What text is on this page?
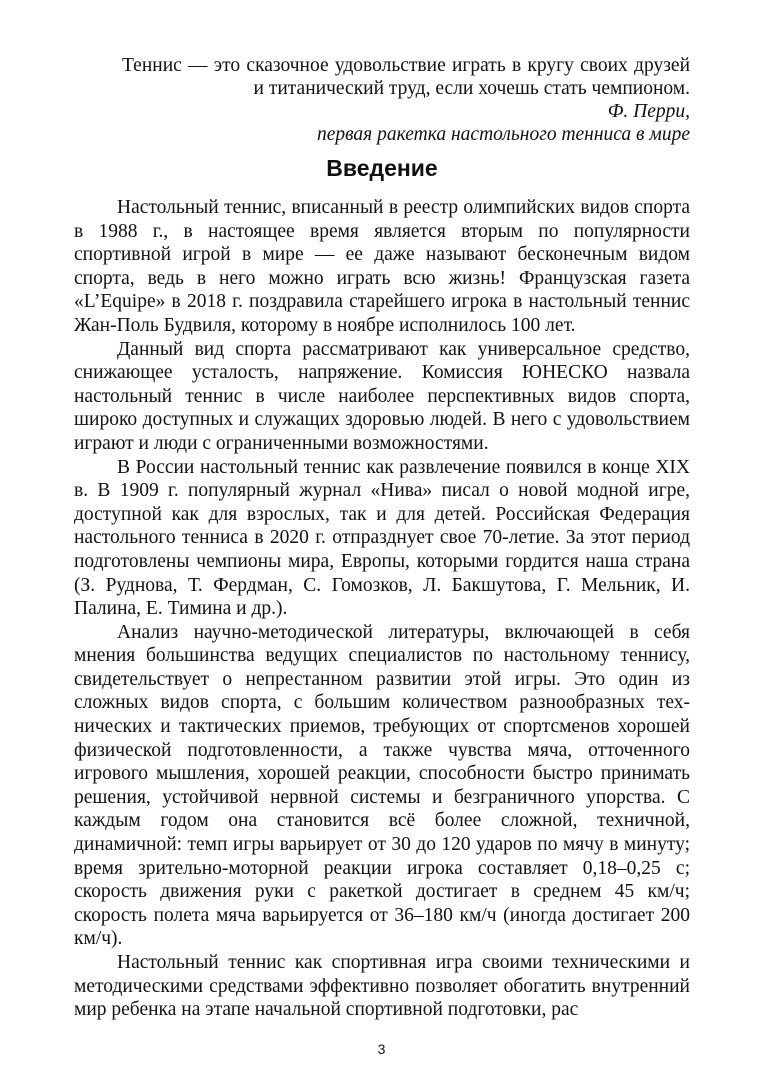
Теннис — это сказочное удовольствие играть в кругу своих друзей и титанический труд, если хочешь стать чемпионом.
Ф. Перри,
первая ракетка настольного тенниса в мире
Введение

Настольный теннис, вписанный в реестр олимпийских видов спорта в 1988 г., в настоящее время является вторым по популярности спортивной игрой в мире — ее даже называют бесконечным видом спорта, ведь в него можно играть всю жизнь! Французская газета «L’Equipe» в 2018 г. поздравила старейшего игрока в настольный теннис Жан-Поль Будвиля, которому в ноябре исполнилось 100 лет.

Данный вид спорта рассматривают как универсальное средство, снижающее усталость, напряжение. Комиссия ЮНЕСКО назвала настольный теннис в числе наиболее перспективных видов спорта, широко доступных и служащих здоровью людей. В него с удовольствием играют и люди с ограниченными возможностями.

В России настольный теннис как развлечение появился в конце XIX в. В 1909 г. популярный журнал «Нива» писал о новой модной игре, доступной как для взрослых, так и для детей. Российская Федерация настольного тенниса в 2020 г. отпразднует свое 70-летие. За этот период подготовлены чемпионы мира, Европы, которыми гордится наша страна (З. Руднова, Т. Фердман, С. Гомозков, Л. Бакшутова, Г. Мельник, И. Палина, Е. Тимина и др.).

Анализ научно-методической литературы, включающей в себя мнения большинства ведущих специалистов по настольному теннису, свидетельствует о непрестанном развитии этой игры. Это один из сложных видов спорта, с большим количеством разнообразных технических и тактических приемов, требующих от спортсменов хорошей физической подготовленности, а также чувства мяча, отточенного игрового мышления, хорошей реакции, способности быстро принимать решения, устойчивой нервной системы и безграничного упорства. С каждым годом она становится всё более сложной, техничной, динамичной: темп игры варьирует от 30 до 120 ударов по мячу в минуту; время зрительно-моторной реакции игрока составляет 0,18–0,25 с; скорость движения руки с ракеткой достигает в среднем 45 км/ч; скорость полета мяча варьируется от 36–180 км/ч (иногда достигает 200 км/ч).

Настольный теннис как спортивная игра своими техническими и методическими средствами эффективно позволяет обогатить внутренний мир ребенка на этапе начальной спортивной подготовки, рас

3
